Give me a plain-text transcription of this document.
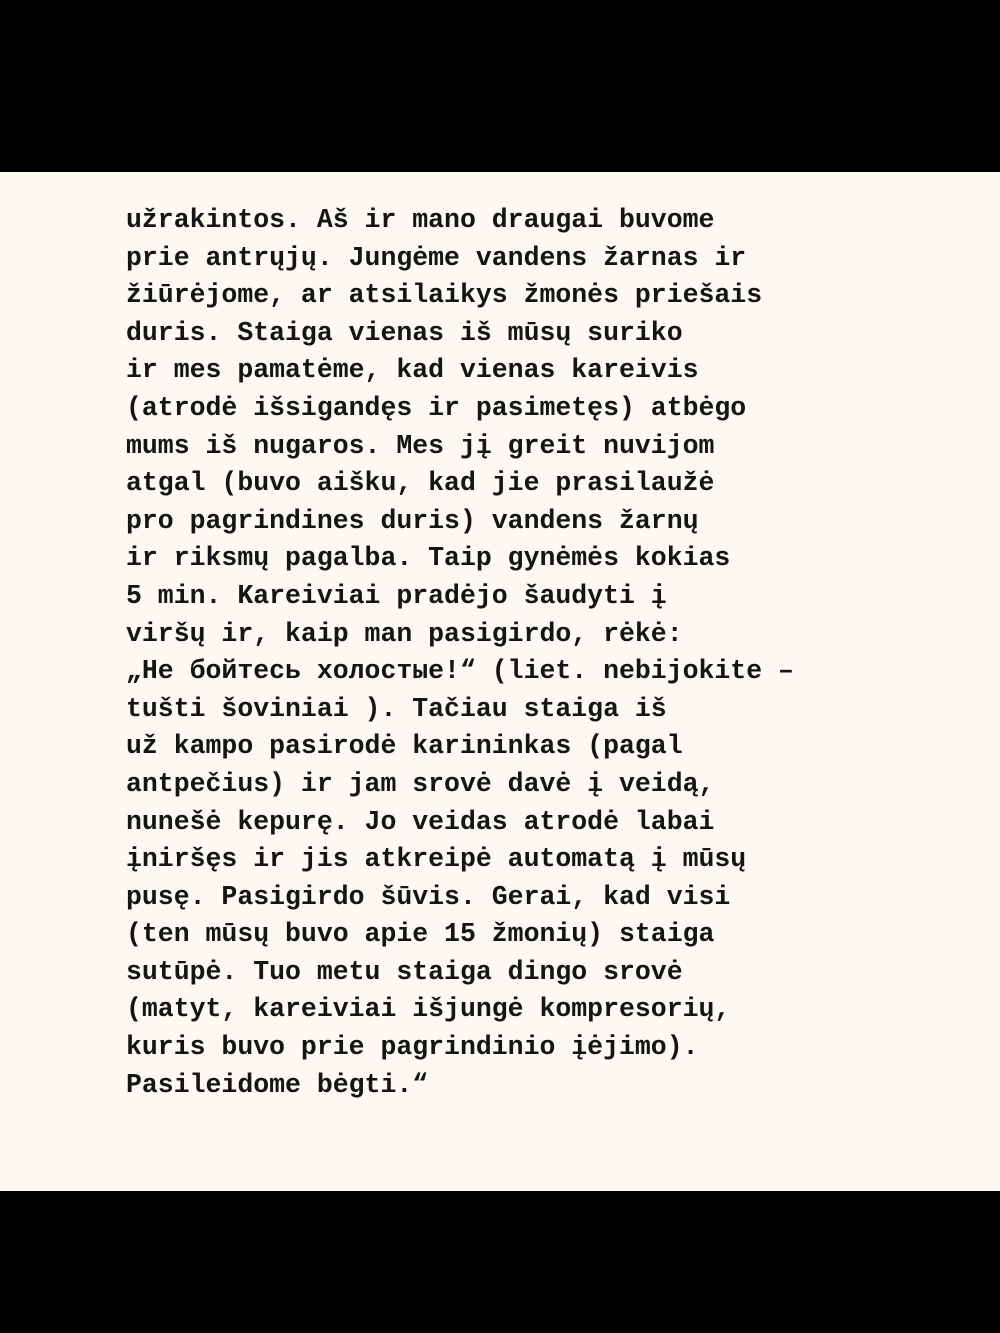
užrakintos. Aš ir mano draugai buvome
prie antrųjų. Jungėme vandens žarnas ir
žiūrėjome, ar atsilaikys žmonės priešais
duris. Staiga vienas iš mūsų suriko
ir mes pamatėme, kad vienas kareivis
(atrodė išsigandęs ir pasimetęs) atbėgo
mums iš nugaros. Mes jį greit nuvijom
atgal (buvo aišku, kad jie prasilaužė
pro pagrindines duris) vandens žarnų
ir riksmų pagalba. Taip gynėmės kokias
5 min. Kareiviai pradėjo šaudyti į
viršų ir, kaip man pasigirdo, rėkė:
„Не бойтесь холостые!“ (liet. nebijokite –
tušti šoviniai ). Tačiau staiga iš
už kampo pasirodė karininkas (pagal
antpečius) ir jam srovė davė į veidą,
nunešė kepurę. Jo veidas atrodė labai
įniršęs ir jis atkreipė automatą į mūsų
pusę. Pasigirdo šūvis. Gerai, kad visi
(ten mūsų buvo apie 15 žmonių) staiga
sutūpė. Tuo metu staiga dingo srovė
(matyt, kareiviai išjungė kompresorių,
kuris buvo prie pagrindinio įėjimo).
Pasileidome bėgti.“
